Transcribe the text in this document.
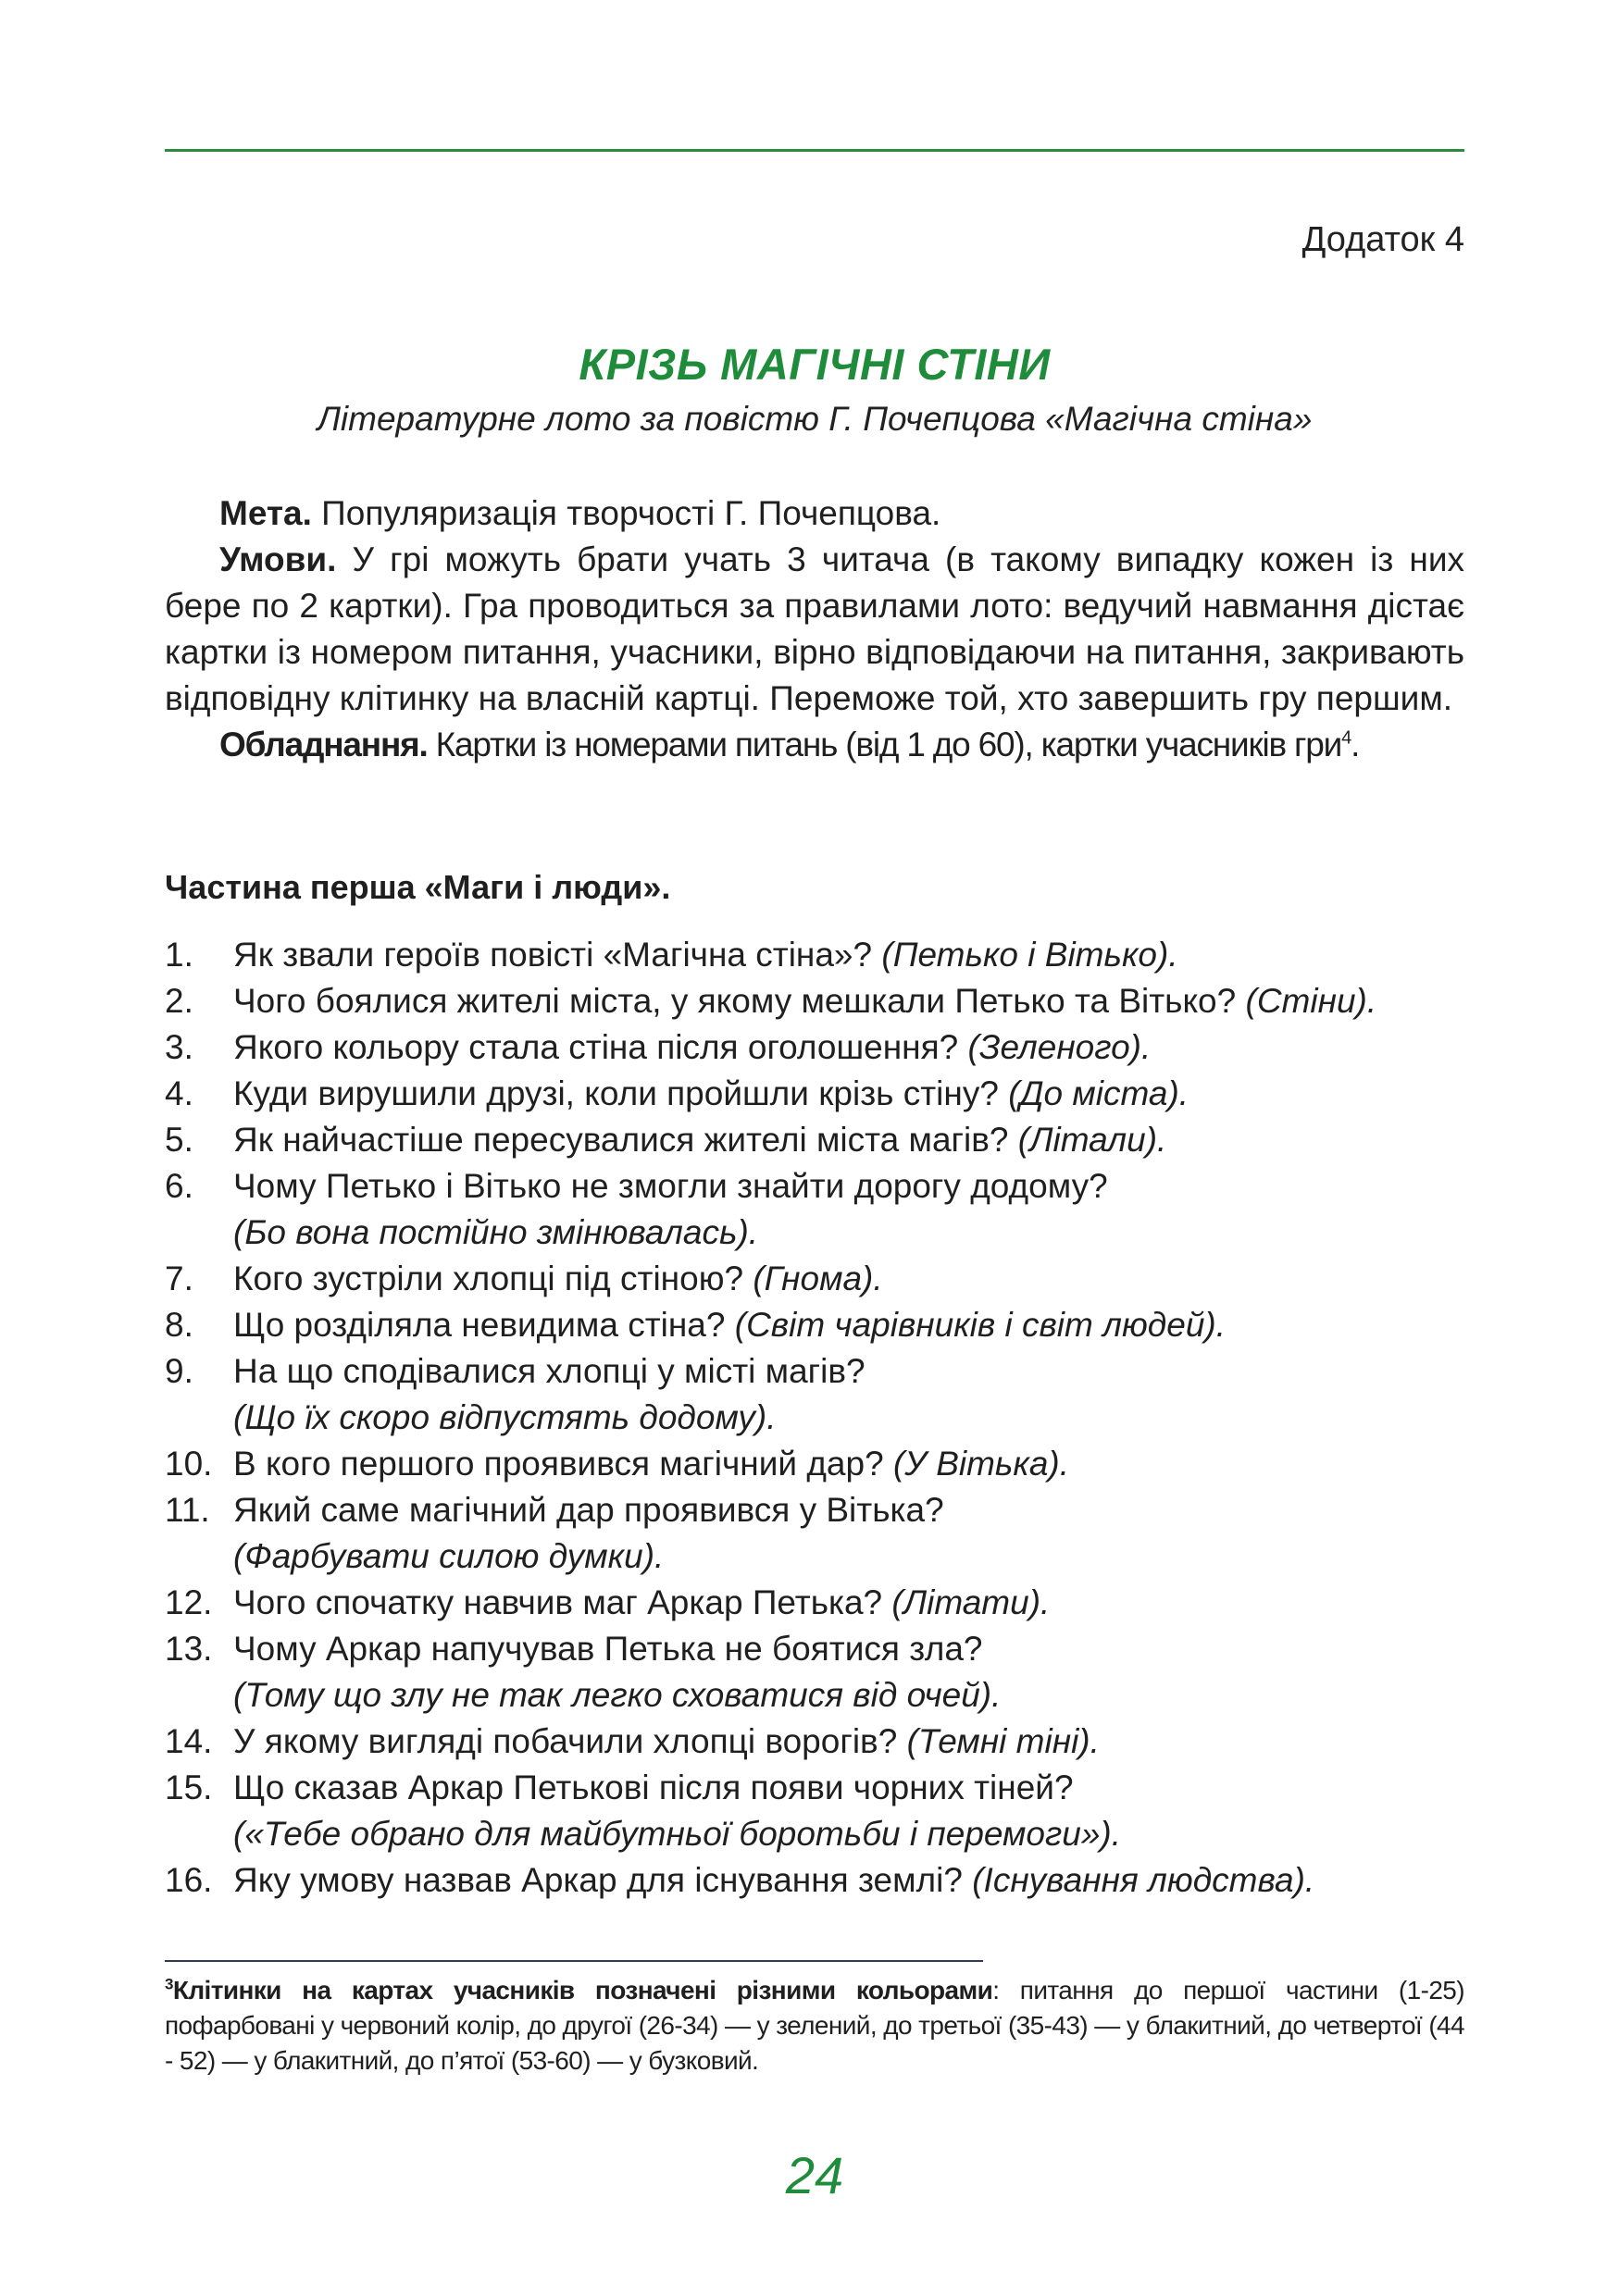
Додаток 4
КРІЗЬ МАГІЧНІ СТІНИ
Літературне лото за повістю Г. Почепцова «Магічна стіна»

Мета. Популяризація творчості Г. Почепцова.

Умови. У грі можуть брати учать 3 читача (в такому випадку кожен із них бере по 2 картки). Гра проводиться за правилами лото: ведучий навмання дістає картки із номером питання, учасники, вірно відповідаючи на питання, закривають відповідну клітинку на власній картці. Переможе той, хто завершить гру першим.

Обладнання. Картки із номерами питань (від 1 до 60), картки учасників гри$^4$.

Частина перша «Маги і люди».
1. Як звали героїв повісті «Магічна стіна»? (Петько і Вітько).
2. Чого боялися жителі міста, у якому мешкали Петько та Вітько? (Стіни).
3. Якого кольору стала стіна після оголошення? (Зеленого).
4. Куди вирушили друзі, коли пройшли крізь стіну? (До міста).
5. Як найчастіше пересувалися жителі міста магів? (Літали).
6. Чому Петько і Вітько не змогли знайти дорогу додому?
(Бо вона постійно змінювалась).
7. Кого зустріли хлопці під стіною? (Гнома).
8. Що розділяла невидима стіна? (Світ чарівників і світ людей).
9. На що сподівалися хлопці у місті магів?
(Що їх скоро відпустять додому).
10. В кого першого проявився магічний дар? (У Вітька).
11. Який саме магічний дар проявився у Вітька?
(Фарбувати силою думки).
12. Чого спочатку навчив маг Аркар Петька? (Літати).
13. Чому Аркар напучував Петька не боятися зла?
(Тому що злу не так легко сховатися від очей).
14. У якому вигляді побачили хлопці ворогів? (Темні тіні).
15. Що сказав Аркар Петькові після появи чорних тіней?
(«Тебе обрано для майбутньої боротьби і перемоги»).
16. Яку умову назвав Аркар для існування землі? (Існування людства).
$^3$Клітинки на картах учасників позначені різними кольорами: питання до першої частини (1-25) пофарбовані у червоний колір, до другої (26-34) — у зелений, до третьої (35-43) — у блакитний, до четвертої (44 - 52) — у блакитний, до п’ятої (53-60) — у бузковий.
24
